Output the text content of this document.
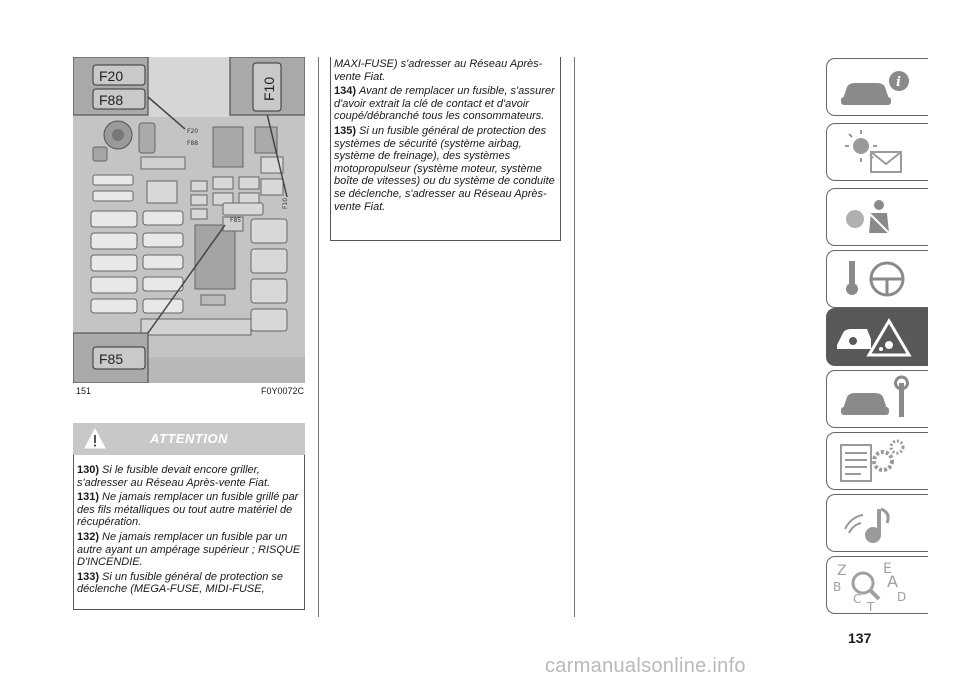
F20
F88
F85
F10
F20
F88	F10
F85
151	F0Y0072C
ATTENTION

130) Si le fusible devait encore griller, s'adresser au Réseau Après-vente Fiat.

131) Ne jamais remplacer un fusible grillé par des fils métalliques ou tout autre matériel de récupération.

132) Ne jamais remplacer un fusible par un autre ayant un ampérage supérieur ; RISQUE D'INCENDIE.

133) Si un fusible général de protection se déclenche (MEGA-FUSE, MIDI-FUSE,

MAXI-FUSE) s'adresser au Réseau Après-vente Fiat.

134) Avant de remplacer un fusible, s'assurer d'avoir extrait la clé de contact et d'avoir coupé/débranché tous les consommateurs.

135) Si un fusible général de protection des systèmes de sécurité (système airbag, système de freinage), des systèmes motopropulseur (système moteur, système boîte de vitesses) ou du système de conduite se déclenche, s'adresser au Réseau Après-vente Fiat.

i
Z	E
B	A
C	D
T
137
carmanualsonline.info
